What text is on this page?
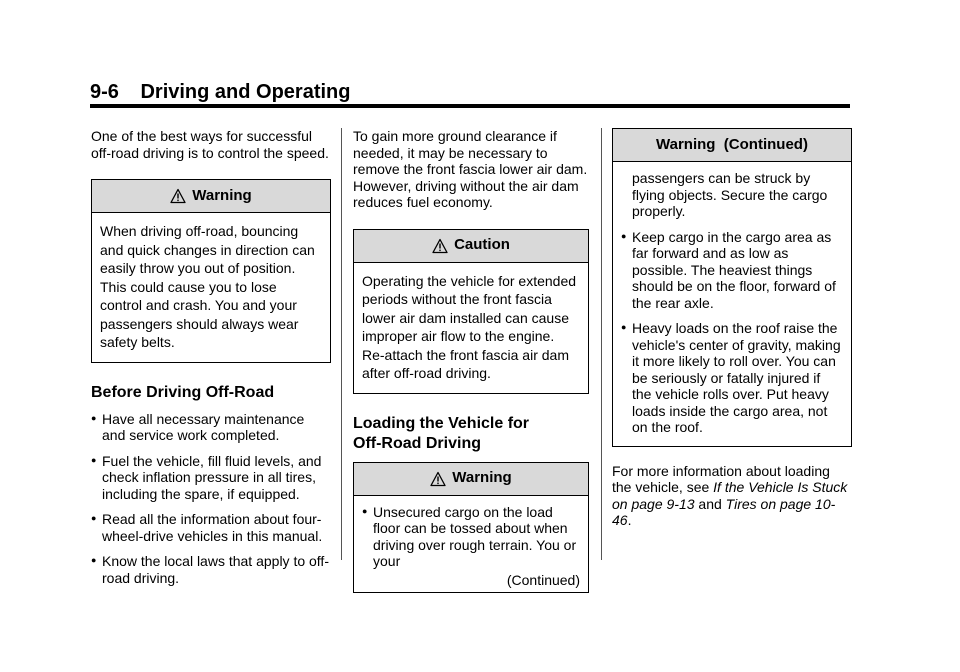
9-6 Driving and Operating

One of the best ways for successful off-road driving is to control the speed.

Warning
When driving off-road, bouncing and quick changes in direction can easily throw you out of position. This could cause you to lose control and crash. You and your passengers should always wear safety belts.
Before Driving Off-Road
● Have all necessary maintenance and service work completed.
● Fuel the vehicle, fill fluid levels, and check inflation pressure in all tires, including the spare, if equipped.
● Read all the information about four-wheel-drive vehicles in this manual.
● Know the local laws that apply to off-road driving.

To gain more ground clearance if needed, it may be necessary to remove the front fascia lower air dam. However, driving without the air dam reduces fuel economy.

Caution
Operating the vehicle for extended periods without the front fascia lower air dam installed can cause improper air flow to the engine. Re-attach the front fascia air dam after off-road driving.
Loading the Vehicle for
Off-Road Driving
Warning
● Unsecured cargo on the load floor can be tossed about when driving over rough terrain. You or your
(Continued)
Warning  (Continued)
passengers can be struck by flying objects. Secure the cargo properly.
● Keep cargo in the cargo area as far forward and as low as possible. The heaviest things should be on the floor, forward of the rear axle.
● Heavy loads on the roof raise the vehicle's center of gravity, making it more likely to roll over. You can be seriously or fatally injured if the vehicle rolls over. Put heavy loads inside the cargo area, not on the roof.

For more information about loading the vehicle, see If the Vehicle Is Stuck on page 9-13 and Tires on page 10-46.
